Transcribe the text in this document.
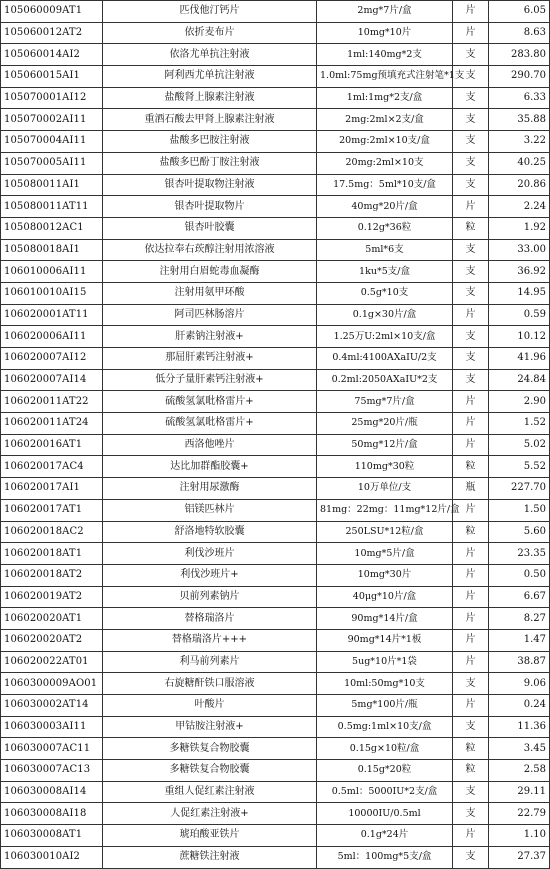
105060009AT1	匹伐他汀钙片	2mg*7片/盒	片	6.05
105060012AT2	依折麦布片	10mg*10片	片	8.63
105060014AI2	依洛尤单抗注射液	1ml:140mg*2支	支	283.80
105060015AI1	阿利西尤单抗注射液	1.0ml:75mg预填充式注射笔*1支	支	290.70
105070001AI12	盐酸肾上腺素注射液	1ml:1mg*2支/盒	支	6.33
105070002AI11	重酒石酸去甲肾上腺素注射液	2mg:2ml×2支/盒	支	35.88
105070004AI11	盐酸多巴胺注射液	20mg:2ml×10支/盒	支	3.22
105070005AI11	盐酸多巴酚丁胺注射液	20mg:2ml×10支	支	40.25
105080011AI1	银杏叶提取物注射液	17.5mg：5ml*10支/盒	支	20.86
105080011AT11	银杏叶提取物片	40mg*20片/盒	片	2.24
105080012AC1	银杏叶胶囊	0.12g*36粒	粒	1.92
105080018AI1	依达拉奉右莰醇注射用浓溶液	5ml*6支	支	33.00
106010006AI11	注射用白眉蛇毒血凝酶	1ku*5支/盒	支	36.92
106010010AI15	注射用氨甲环酸	0.5g*10支	支	14.95
106020001AT11	阿司匹林肠溶片	0.1g×30片/盒	片	0.59
106020006AI11	肝素钠注射液+	1.25万U:2ml×10支/盒	支	10.12
106020007AI12	那屈肝素钙注射液+	0.4ml:4100AXaIU/2支	支	41.96
106020007AI14	低分子量肝素钙注射液+	0.2ml:2050AXaIU*2支	支	24.84
106020011AT22	硫酸氢氯吡格雷片+	75mg*7片/盒	片	2.90
106020011AT24	硫酸氢氯吡格雷片+	25mg*20片/瓶	片	1.52
106020016AT1	西洛他唑片	50mg*12片/盒	片	5.02
106020017AC4	达比加群酯胶囊+	110mg*30粒	粒	5.52
106020017AI1	注射用尿激酶	10万单位/支	瓶	227.70
106020017AT1	铝镁匹林片	81mg：22mg：11mg*12片/盒	片	1.50
106020018AC2	舒洛地特软胶囊	250LSU*12粒/盒	粒	5.60
106020018AT1	利伐沙班片	10mg*5片/盒	片	23.35
106020018AT2	利伐沙班片+	10mg*30片	片	0.50
106020019AT2	贝前列素钠片	40μg*10片/盒	片	6.67
106020020AT1	替格瑞洛片	90mg*14片/盒	片	8.27
106020020AT2	替格瑞洛片+++	90mg*14片*1板	片	1.47
106020022AT01	利马前列素片	5ug*10片*1袋	片	38.87
1060300009AO01	右旋糖酐铁口服溶液	10ml:50mg*10支	支	9.06
106030002AT14	叶酸片	5mg*100片/瓶	片	0.24
106030003AI11	甲钴胺注射液+	0.5mg:1ml×10支/盒	支	11.36
106030007AC11	多糖铁复合物胶囊	0.15g×10粒/盒	粒	3.45
106030007AC13	多糖铁复合物胶囊	0.15g*20粒	粒	2.58
106030008AI14	重组人促红素注射液	0.5ml：5000IU*2支/盒	支	29.11
106030008AI18	人促红素注射液+	10000IU/0.5ml	支	22.79
106030008AT1	琥珀酸亚铁片	0.1g*24片	片	1.10
106030010AI2	蔗糖铁注射液	5ml：100mg*5支/盒	支	27.37
